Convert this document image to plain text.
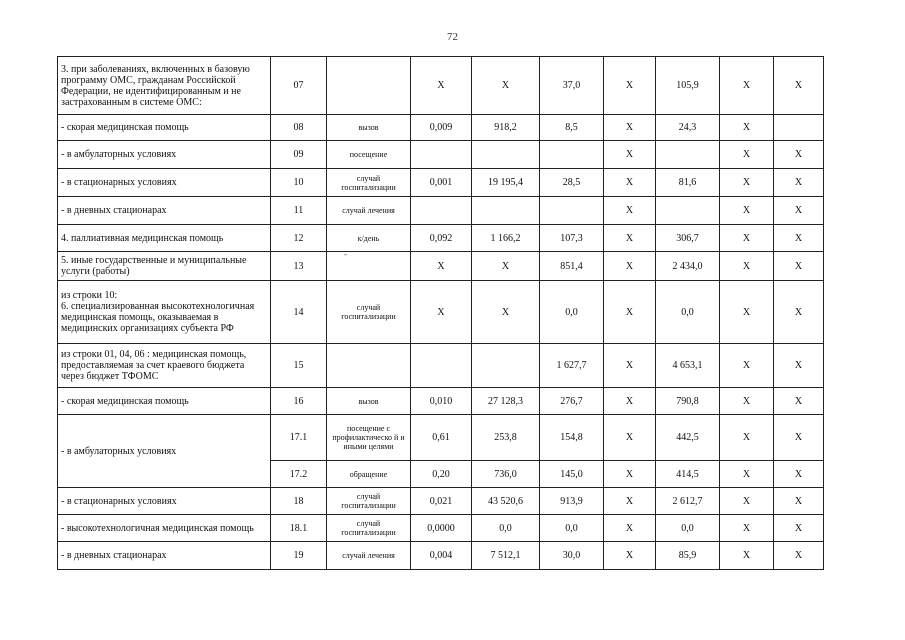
72
3. при заболеваниях, включенных в базовую программу ОМС, гражданам Российской Федерации, не идентифицированным и не застрахованным в системе ОМС:	07		X	X	37,0	X	105,9	X	X
- скорая медицинская помощь	08	вызов	0,009	918,2	8,5	X	24,3	X	
- в амбулаторных условиях	09	посещение				X		X	X
- в стационарных условиях	10	случай госпитализации	0,001	19 195,4	28,5	X	81,6	X	X
- в дневных стационарах	11	случай лечения				X		X	X
4. паллиативная медицинская помощь	12	к/день	0,092	1 166,2	107,3	X	306,7	X	X
5. иные государственные и муниципальные услуги (работы)	13		X	X	851,4	X	2 434,0	X	X
из строки 10:
6. специализированная высокотехнологичная медицинская помощь, оказываемая в медицинских организациях субъекта РФ	14	случай госпитализации	X	X	0,0	X	0,0	X	X
из строки 01, 04, 06 : медицинская помощь, предоставляемая за счет краевого бюджета через бюджет ТФОМС	15				1 627,7	X	4 653,1	X	X
- скорая медицинская помощь	16	вызов	0,010	27 128,3	276,7	X	790,8	X	X
- в амбулаторных условиях	17.1	посещение с профилактическо й и иными целями	0,61	253,8	154,8	X	442,5	X	X
	17.2	обращение	0,20	736,0	145,0	X	414,5	X	X
- в стационарных условиях	18	случай госпитализации	0,021	43 520,6	913,9	X	2 612,7	X	X
- высокотехнологичная медицинская помощь	18.1	случай госпитализации	0,0000	0,0	0,0	X	0,0	X	X
- в дневных стационарах	19	случай лечения	0,004	7 512,1	30,0	X	85,9	X	X
-
